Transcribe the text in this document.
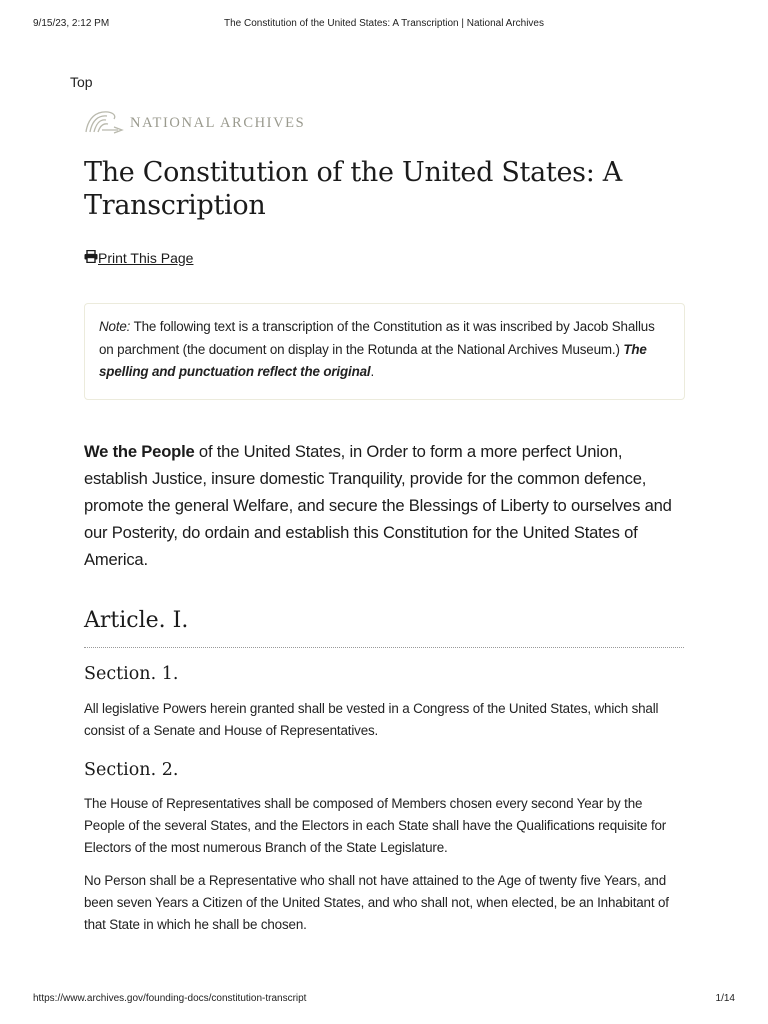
9/15/23, 2:12 PM	The Constitution of the United States: A Transcription | National Archives
Top
NATIONAL ARCHIVES
The Constitution of the United States: A Transcription
Print This Page
Note: The following text is a transcription of the Constitution as it was inscribed by Jacob Shallus on parchment (the document on display in the Rotunda at the National Archives Museum.) The spelling and punctuation reflect the original.
We the People of the United States, in Order to form a more perfect Union, establish Justice, insure domestic Tranquility, provide for the common defence, promote the general Welfare, and secure the Blessings of Liberty to ourselves and our Posterity, do ordain and establish this Constitution for the United States of America.
Article. I.
Section. 1.

All legislative Powers herein granted shall be vested in a Congress of the United States, which shall consist of a Senate and House of Representatives.

Section. 2.

The House of Representatives shall be composed of Members chosen every second Year by the People of the several States, and the Electors in each State shall have the Qualifications requisite for Electors of the most numerous Branch of the State Legislature.

No Person shall be a Representative who shall not have attained to the Age of twenty five Years, and been seven Years a Citizen of the United States, and who shall not, when elected, be an Inhabitant of that State in which he shall be chosen.

https://www.archives.gov/founding-docs/constitution-transcript	1/14
